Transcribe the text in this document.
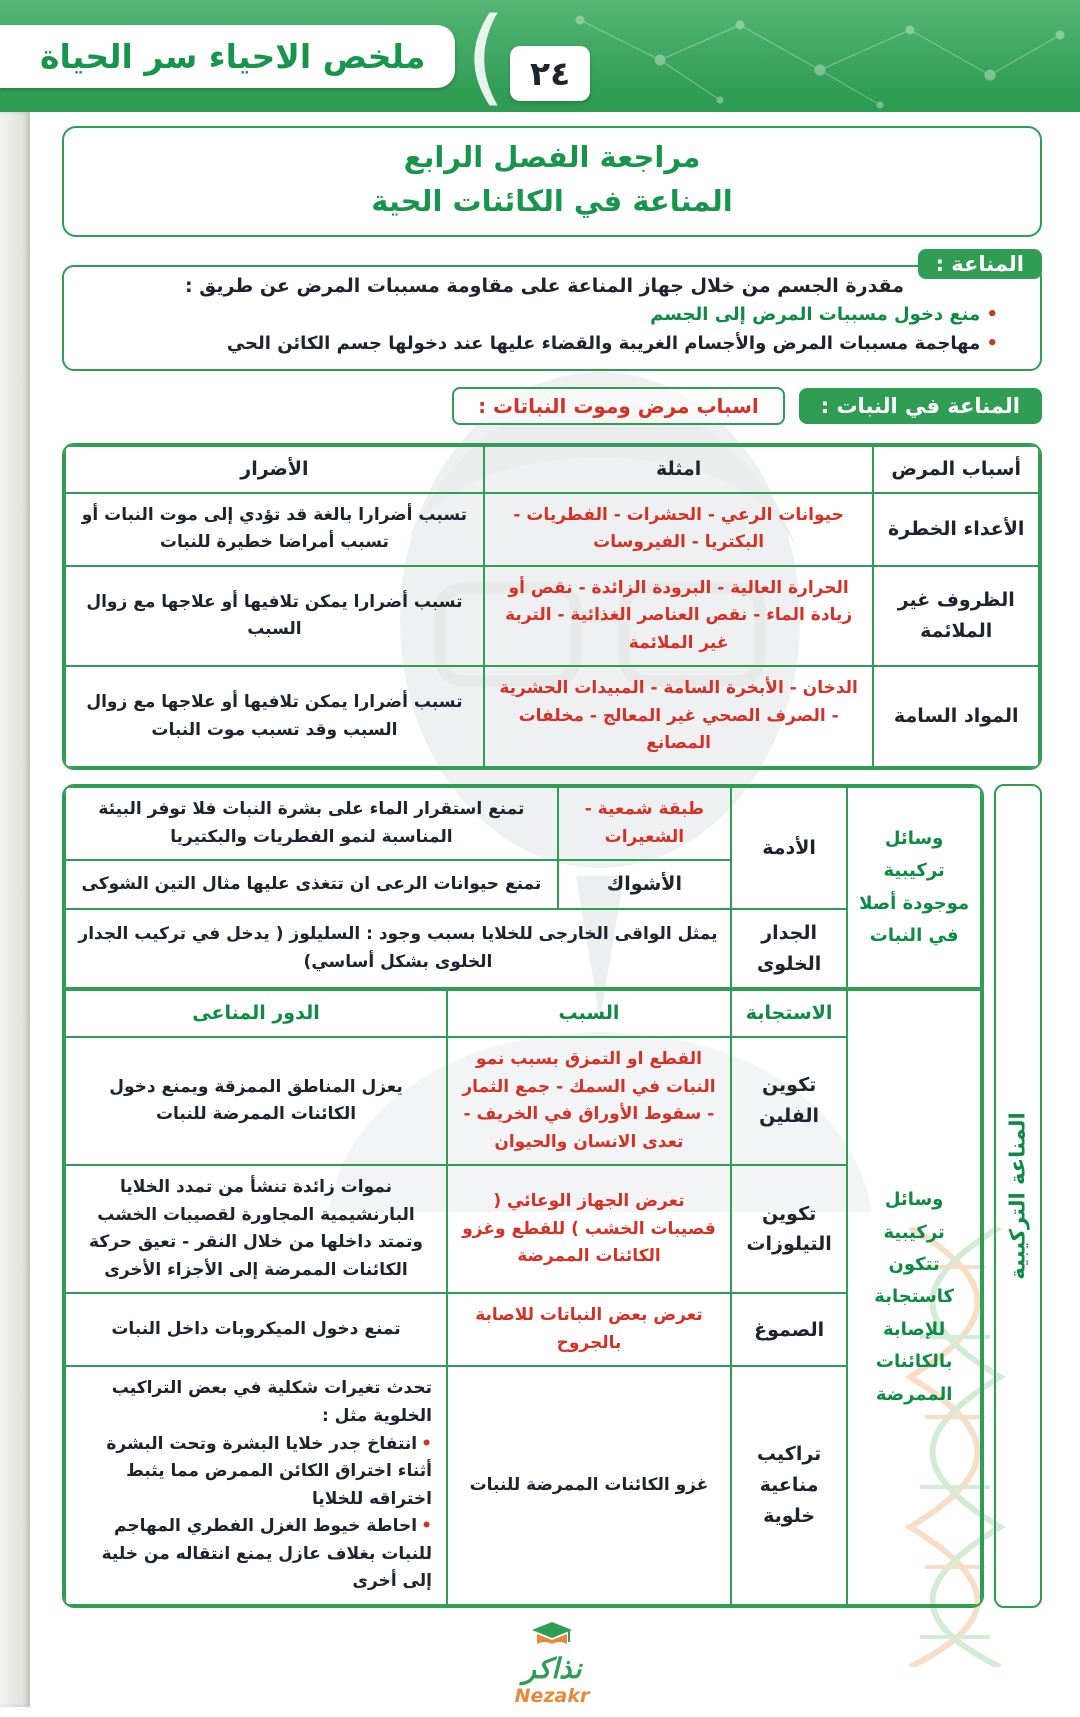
ملخص الاحياء سر الحياة ( ٢٤
مراجعة الفصل الرابع
المناعة في الكائنات الحية
المناعة :

مقدرة الجسم من خلال جهاز المناعة على مقاومة مسببات المرض عن طريق :

• منع دخول مسببات المرض إلى الجسم
• مهاجمة مسببات المرض والأجسام الغريبة والقضاء عليها عند دخولها جسم الكائن الحي
المناعة في النبات :
اسباب مرض وموت النباتات :
أسباب المرض	امثلة	الأضرار
الأعداء الخطرة	حيوانات الرعي - الحشرات - الفطريات - البكتريا - الفيروسات	تسبب أضرارا بالغة قد تؤدي إلى موت النبات أو تسبب أمراضا خطيرة للنبات
الظروف غير الملائمة	الحرارة العالية - البرودة الزائدة - نقص أو زيادة الماء - نقص العناصر الغذائية - التربة غير الملائمة	تسبب أضرارا يمكن تلافيها أو علاجها مع زوال السبب
المواد السامة	الدخان - الأبخرة السامة - المبيدات الحشرية - الصرف الصحي غير المعالج - مخلفات المصانع	تسبب أضرارا يمكن تلافيها أو علاجها مع زوال السبب وقد تسبب موت النبات
المناعة التركيبية
وسائل تركيبية موجودة أصلا في النبات	الأدمة	طبقة شمعية - الشعيرات	تمنع استقرار الماء على بشرة النبات فلا توفر البيئة المناسبة لنمو الفطريات والبكتيريا
		الأشواك	تمنع حيوانات الرعى ان تتغذى عليها مثال التين الشوكى
	الجدار الخلوى	يمثل الواقى الخارجى للخلايا بسبب وجود : السليلوز ( يدخل في تركيب الجدار الخلوى بشكل أساسي)	
وسائل تركيبية تتكون كاستجابة للإصابة بالكائنات الممرضة	الاستجابة	السبب	الدور المناعى
	تكوين الفلين	القطع او التمزق بسبب نمو النبات في السمك - جمع الثمار - سقوط الأوراق في الخريف - تعدى الانسان والحيوان	يعزل المناطق الممزقة ويمنع دخول الكائنات الممرضة للنبات
	تكوين التيلوزات	تعرض الجهاز الوعائي ( قصيبات الخشب ) للقطع وغزو الكائنات الممرضة	نموات زائدة تنشأ من تمدد الخلايا البارنشيمية المجاورة لقصيبات الخشب وتمتد داخلها من خلال النقر - تعيق حركة الكائنات الممرضة إلى الأجزاء الأخرى
	الصموغ	تعرض بعض النباتات للاصابة بالجروح	تمنع دخول الميكروبات داخل النبات
	تراكيب مناعية خلوية	غزو الكائنات الممرضة للنبات	تحدث تغيرات شكلية في بعض التراكيب الخلوية مثل :
• انتفاخ جدر خلايا البشرة وتحت البشرة أثناء اختراق الكائن الممرض مما يثبط اختراقه للخلايا
• احاطة خيوط الغزل الفطري المهاجم للنبات بغلاف عازل يمنع انتقاله من خلية إلى أخرى
نذاكر
Nezakr
